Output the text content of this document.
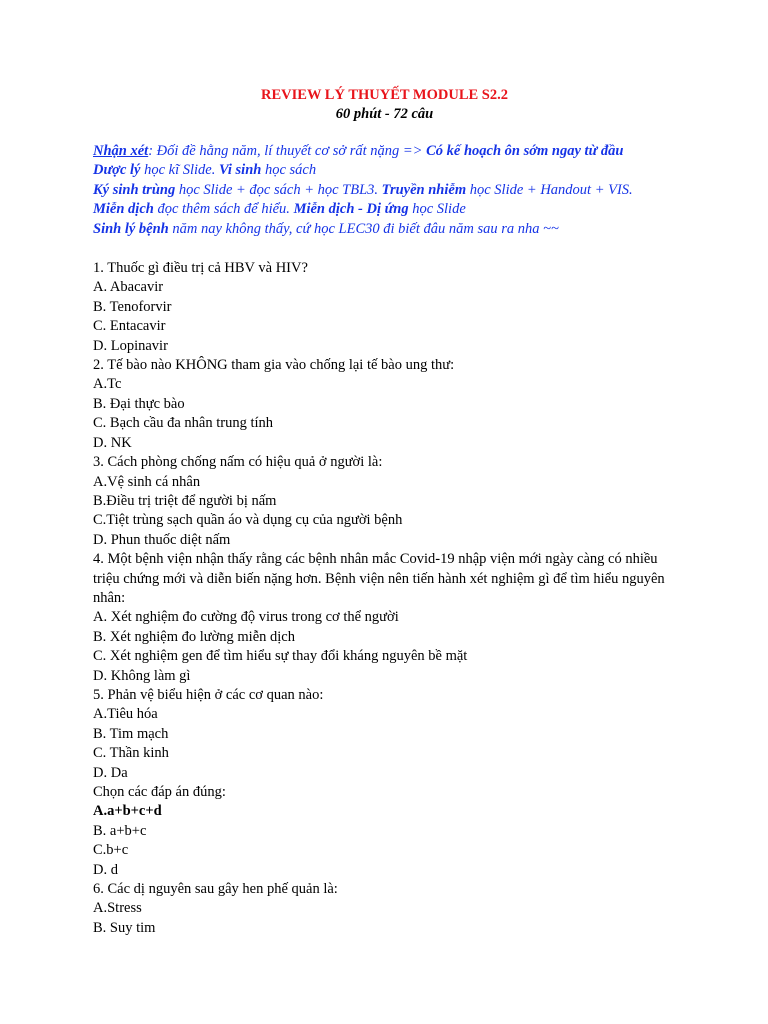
REVIEW LÝ THUYẾT MODULE S2.2
60 phút - 72 câu
Nhận xét: Đối đề hằng năm, lí thuyết cơ sở rất nặng => Có kế hoạch ôn sớm ngay từ đầu
Dược lý học kĩ Slide. Vi sinh học sách
Ký sinh trùng học Slide + đọc sách + học TBL3. Truyền nhiễm học Slide + Handout + VIS.
Miễn dịch đọc thêm sách để hiểu. Miễn dịch - Dị ứng học Slide
Sinh lý bệnh năm nay không thấy, cứ học LEC30 đi biết đâu năm sau ra nha ~~

1. Thuốc gì điều trị cả HBV và HIV?

A. Abacavir

B. Tenoforvir

C. Entacavir

D. Lopinavir

2. Tế bào nào KHÔNG tham gia vào chống lại tế bào ung thư:

A.Tc

B. Đại thực bào

C. Bạch cầu đa nhân trung tính

D. NK

3. Cách phòng chống nấm có hiệu quả ở người là:

A.Vệ sinh cá nhân

B.Điều trị triệt để người bị nấm

C.Tiệt trùng sạch quần áo và dụng cụ của người bệnh

D. Phun thuốc diệt nấm

4. Một bệnh viện nhận thấy rằng các bệnh nhân mắc Covid-19 nhập viện mới ngày càng có nhiều triệu chứng mới và diễn biến nặng hơn. Bệnh viện nên tiến hành xét nghiệm gì để tìm hiểu nguyên nhân:

A. Xét nghiệm đo cường độ virus trong cơ thể người

B. Xét nghiệm đo lường miễn dịch

C. Xét nghiệm gen để tìm hiểu sự thay đổi kháng nguyên bề mặt

D. Không làm gì

5. Phản vệ biểu hiện ở các cơ quan nào:

A.Tiêu hóa

B. Tim mạch

C. Thần kinh

D. Da

Chọn các đáp án đúng:

A.a+b+c+d

B. a+b+c

C.b+c

D. d

6. Các dị nguyên sau gây hen phế quản là:

A.Stress

B. Suy tim
